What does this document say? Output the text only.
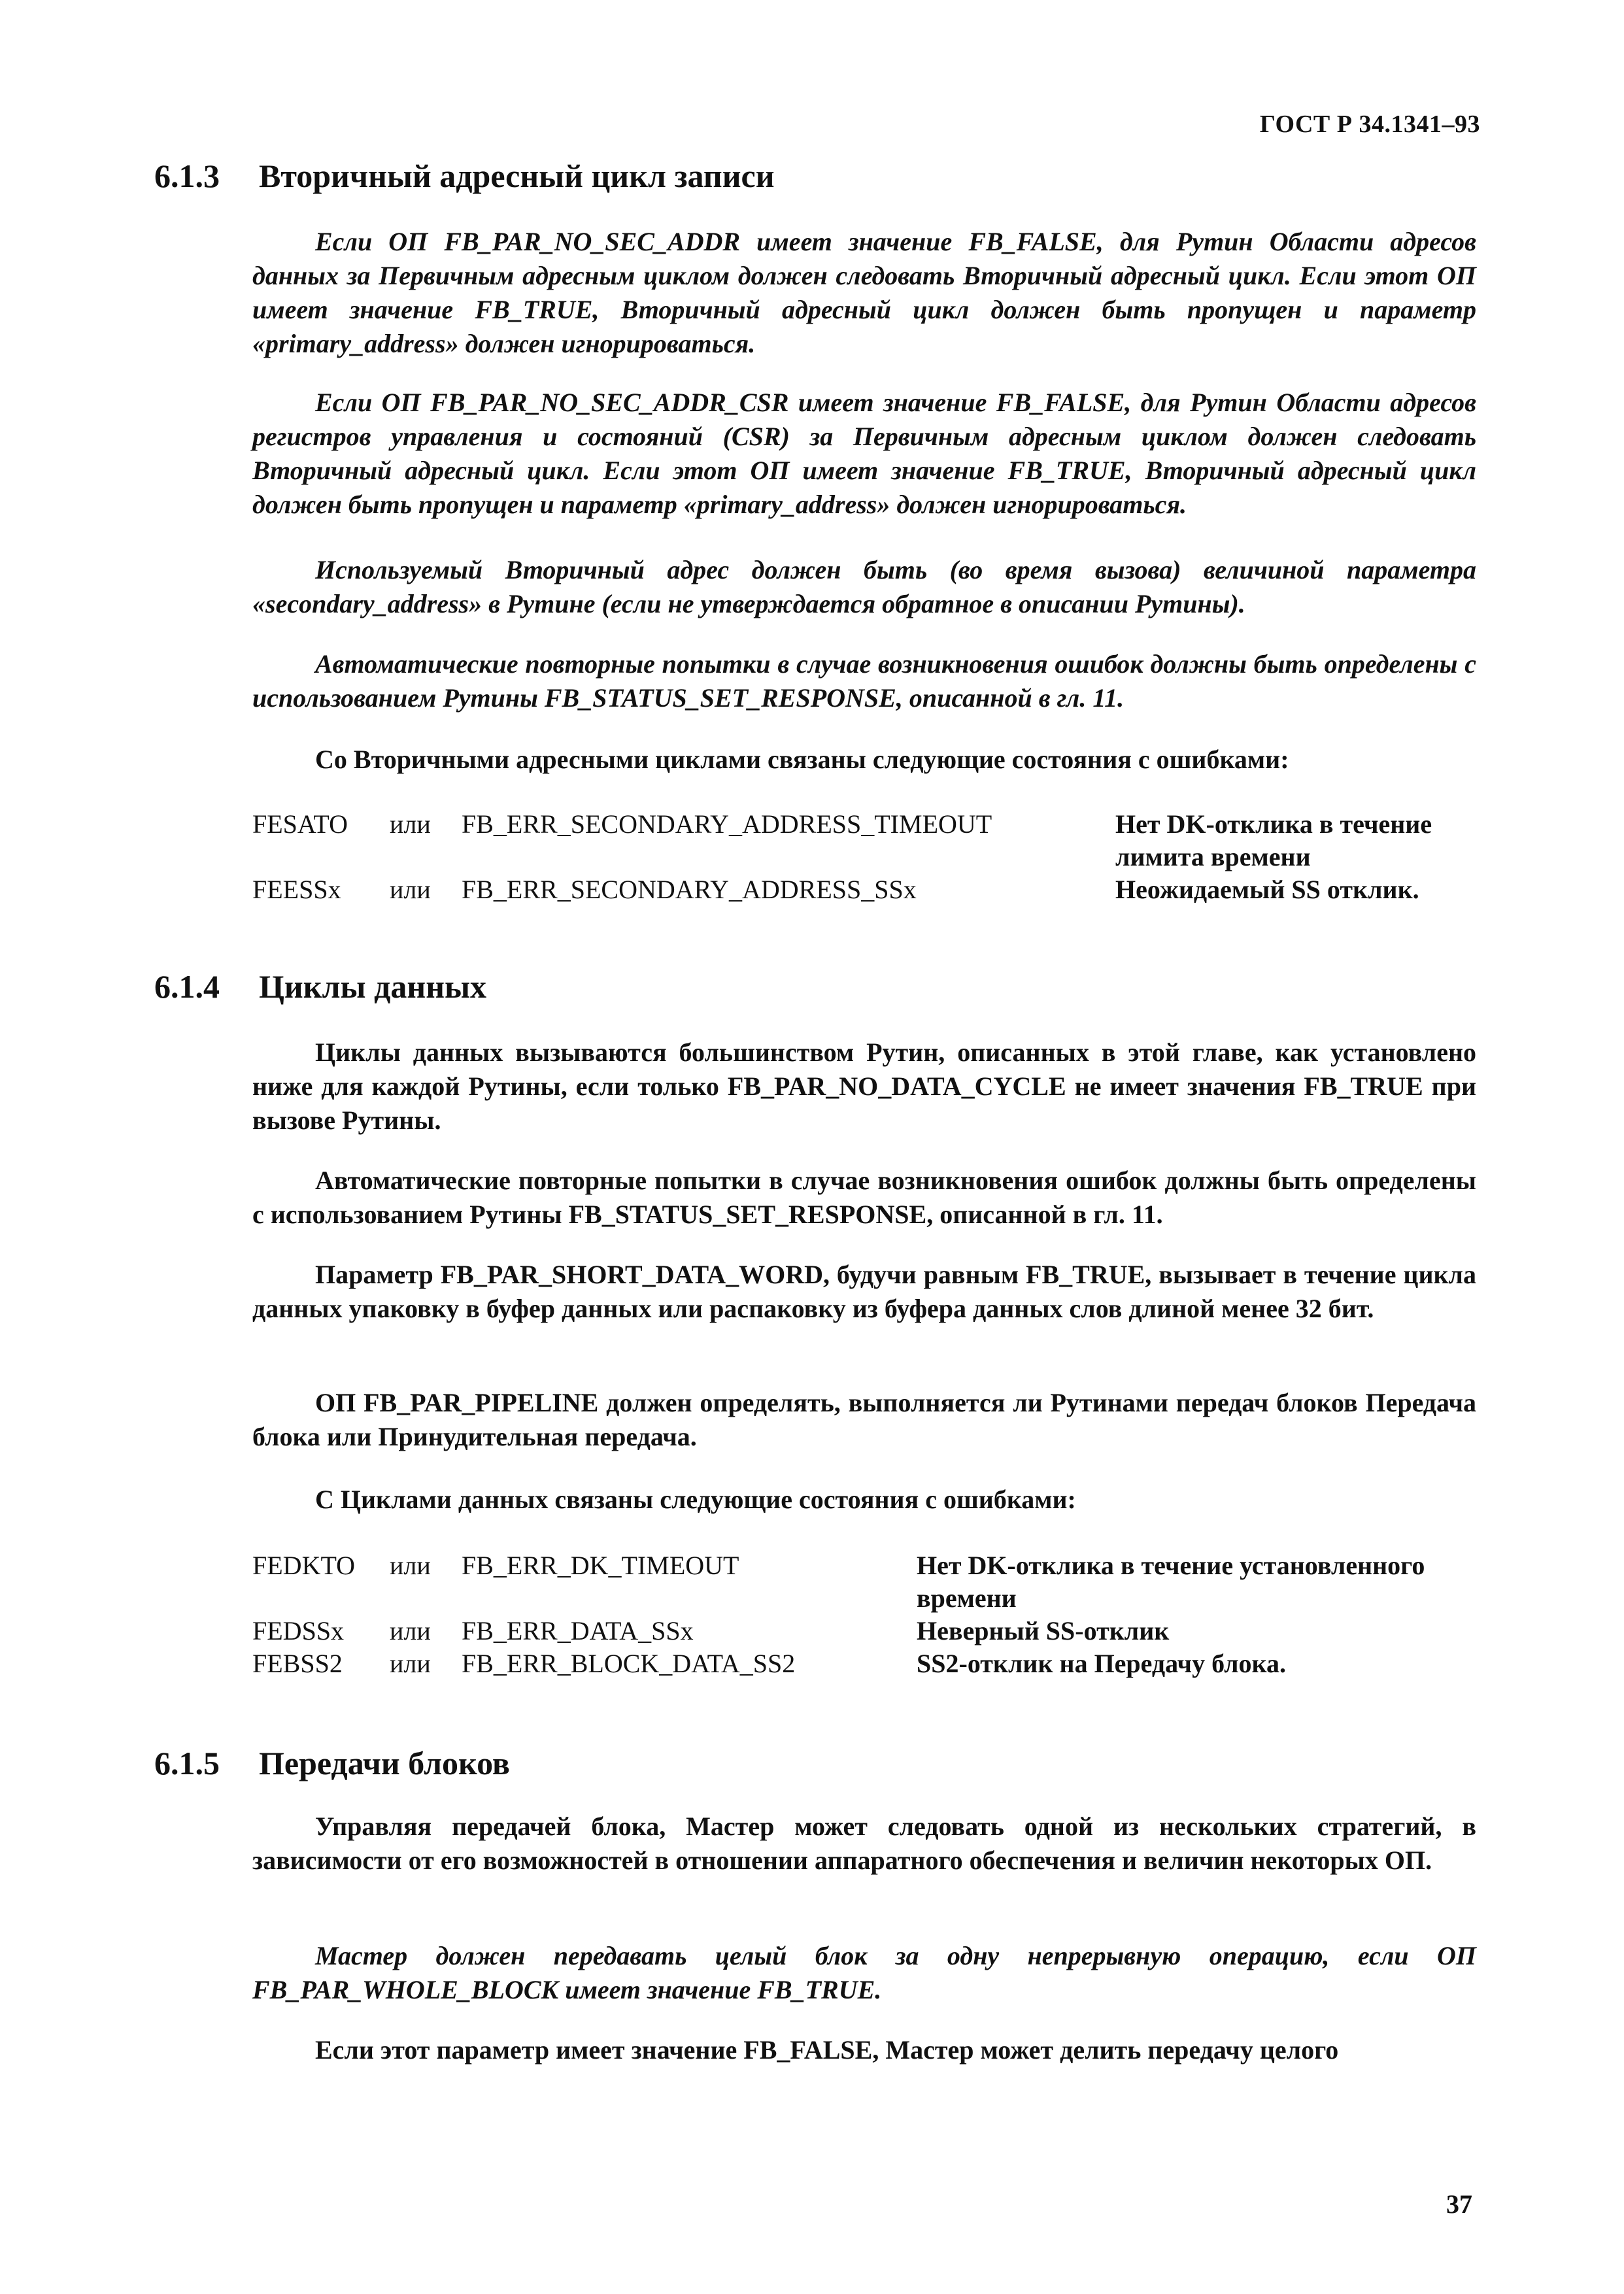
ГОСТ Р 34.1341–93
6.1.3 Вторичный адресный цикл записи

Если ОП FB_PAR_NO_SEC_ADDR имеет значение FB_FALSE, для Рутин Области адресов данных за Первичным адресным циклом должен следовать Вторичный адресный цикл. Если этот ОП имеет значение FB_TRUE, Вторичный адресный цикл должен быть пропущен и параметр «primary_address» должен игнорироваться.

Если ОП FB_PAR_NO_SEC_ADDR_CSR имеет значение FB_FALSE, для Рутин Области адресов регистров управления и состояний (CSR) за Первичным адресным циклом должен следовать Вторичный адресный цикл. Если этот ОП имеет значение FB_TRUE, Вторичный адресный цикл должен быть пропущен и параметр «primary_address» должен игнорироваться.

Используемый Вторичный адрес должен быть (во время вызова) величиной параметра «secondary_address» в Рутине (если не утверждается обратное в описании Рутины).

Автоматические повторные попытки в случае возникновения ошибок должны быть определены с использованием Рутины FB_STATUS_SET_RESPONSE, описанной в гл. 11.

Со Вторичными адресными циклами связаны следующие состояния с ошибками:

FESATO	или	FB_ERR_SECONDARY_ADDRESS_TIMEOUT	Нет DK-отклика в течение лимита времени
FEESSx	или	FB_ERR_SECONDARY_ADDRESS_SSx	Неожидаемый SS отклик.
6.1.4 Циклы данных

Циклы данных вызываются большинством Рутин, описанных в этой главе, как установлено ниже для каждой Рутины, если только FB_PAR_NO_DATA_CYCLE не имеет значения FB_TRUE при вызове Рутины.

Автоматические повторные попытки в случае возникновения ошибок должны быть определены с использованием Рутины FB_STATUS_SET_RESPONSE, описанной в гл. 11.

Параметр FB_PAR_SHORT_DATA_WORD, будучи равным FB_TRUE, вызывает в течение цикла данных упаковку в буфер данных или распаковку из буфера данных слов длиной менее 32 бит.

ОП FB_PAR_PIPELINE должен определять, выполняется ли Рутинами передач блоков Передача блока или Принудительная передача.

С Циклами данных связаны следующие состояния с ошибками:

FEDKTO	или	FB_ERR_DK_TIMEOUT	Нет DK-отклика в течение установленного времени
FEDSSx	или	FB_ERR_DATA_SSx	Неверный SS-отклик
FEBSS2	или	FB_ERR_BLOCK_DATA_SS2	SS2-отклик на Передачу блока.
6.1.5 Передачи блоков

Управляя передачей блока, Мастер может следовать одной из нескольких стратегий, в зависимости от его возможностей в отношении аппаратного обеспечения и величин некоторых ОП.

Мастер должен передавать целый блок за одну непрерывную операцию, если ОП FB_PAR_WHOLE_BLOCK имеет значение FB_TRUE.

Если этот параметр имеет значение FB_FALSE, Мастер может делить передачу целого

37
